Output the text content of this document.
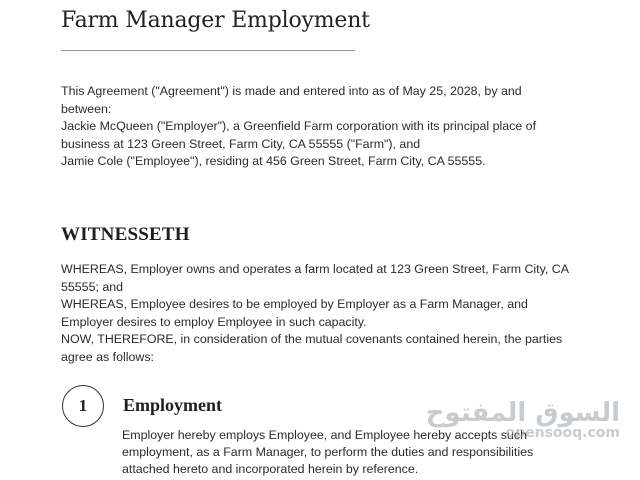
Farm Manager Employment

This Agreement ("Agreement") is made and entered into as of May 25, 2028, by and
between:
Jackie McQueen ("Employer"), a Greenfield Farm corporation with its principal place of
business at 123 Green Street, Farm City, CA 55555 ("Farm"), and
Jamie Cole ("Employee"), residing at 456 Green Street, Farm City, CA 55555.

WITNESSETH

WHEREAS, Employer owns and operates a farm located at 123 Green Street, Farm City, CA
55555; and
WHEREAS, Employee desires to be employed by Employer as a Farm Manager, and
Employer desires to employ Employee in such capacity.
NOW, THEREFORE, in consideration of the mutual covenants contained herein, the parties
agree as follows:

1 Employment

Employer hereby employs Employee, and Employee hereby accepts such
employment, as a Farm Manager, to perform the duties and responsibilities
attached hereto and incorporated herein by reference.

السوق المفتوح
opensooq.com
